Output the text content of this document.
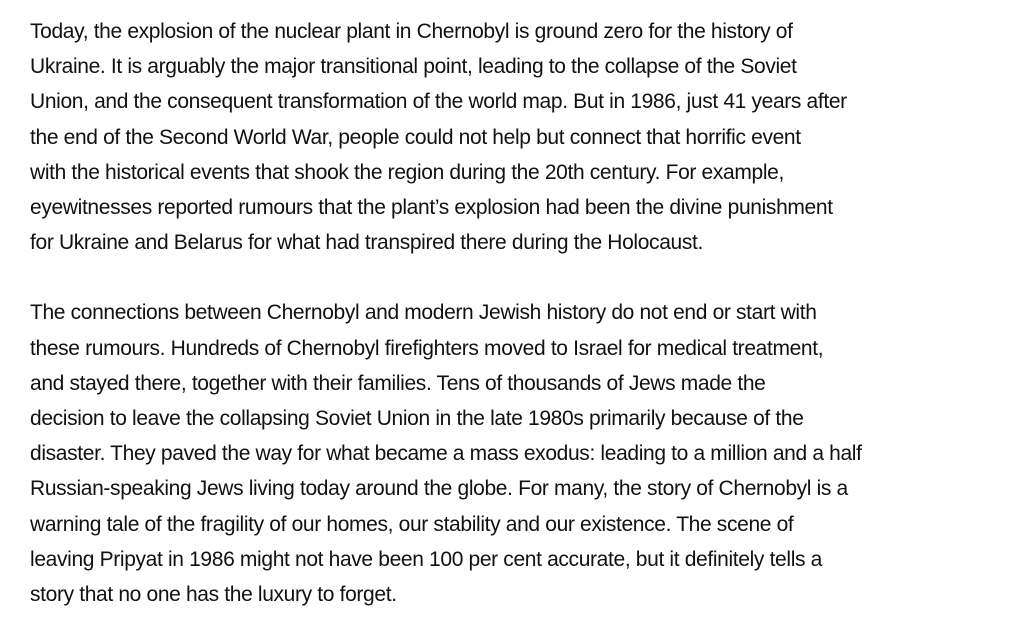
Today, the explosion of the nuclear plant in Chernobyl is ground zero for the history of
Ukraine. It is arguably the major transitional point, leading to the collapse of the Soviet
Union, and the consequent transformation of the world map. But in 1986, just 41 years after
the end of the Second World War, people could not help but connect that horrific event
with the historical events that shook the region during the 20th century. For example,
eyewitnesses reported rumours that the plant’s explosion had been the divine punishment
for Ukraine and Belarus for what had transpired there during the Holocaust.

The connections between Chernobyl and modern Jewish history do not end or start with
these rumours. Hundreds of Chernobyl firefighters moved to Israel for medical treatment,
and stayed there, together with their families. Tens of thousands of Jews made the
decision to leave the collapsing Soviet Union in the late 1980s primarily because of the
disaster. They paved the way for what became a mass exodus: leading to a million and a half
Russian-speaking Jews living today around the globe. For many, the story of Chernobyl is a
warning tale of the fragility of our homes, our stability and our existence. The scene of
leaving Pripyat in 1986 might not have been 100 per cent accurate, but it definitely tells a
story that no one has the luxury to forget.
